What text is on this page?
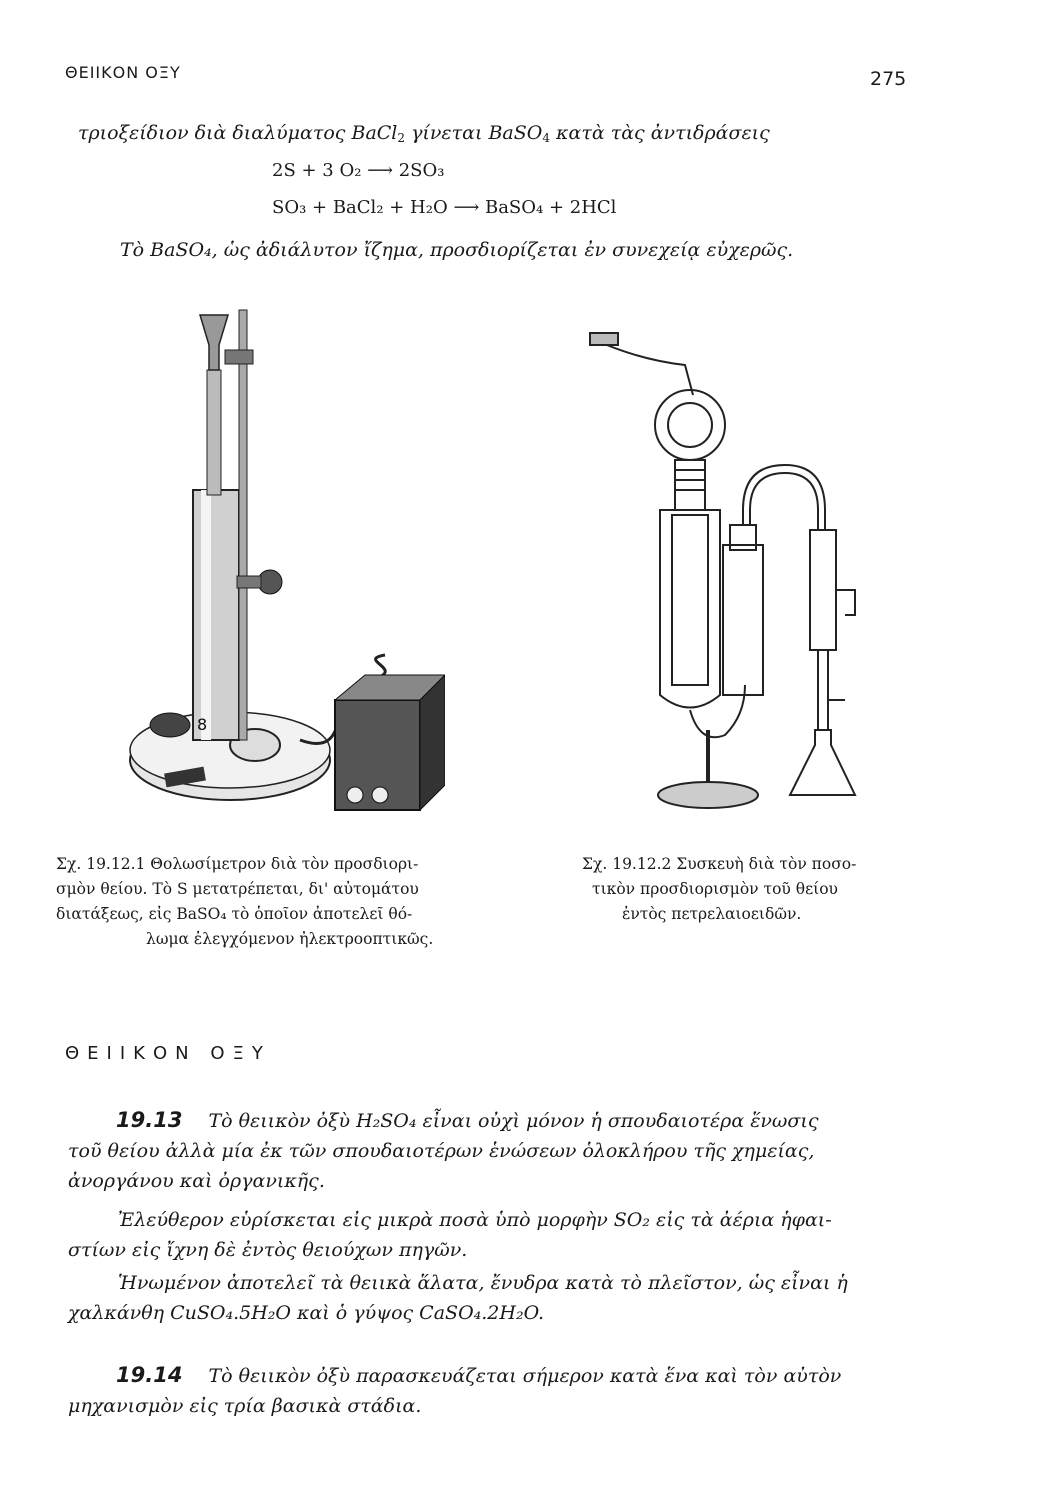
ΘΕΙΙΚΟΝ ΟΞΥ	275
τριοξείδιον διὰ διαλύματος BaCl$_2$ γίνεται BaSO$_4$ κατὰ τὰς ἀντιδράσεις
2S + 3 O₂ ⟶ 2SO₃
SO₃ + BaCl₂ + H₂O ⟶ BaSO₄ + 2HCl
Τὸ BaSO₄, ὡς ἀδιάλυτον ἴζημα, προσδιορίζεται ἐν συνεχείᾳ εὐχερῶς.
8
Σχ. 19.12.1 Θολωσίμετρον διὰ τὸν προσδιορι-
σμὸν θείου. Τὸ S μετατρέπεται, δι' αὐτομάτου
διατάξεως, εἰς BaSO₄ τὸ ὁποῖον ἀποτελεῖ θό-
λωμα ἐλεγχόμενον ἠλεκτροοπτικῶς.
Σχ. 19.12.2 Συσκευὴ διὰ τὸν ποσο-
τικὸν προσδιορισμὸν τοῦ θείου
ἐντὸς πετρελαιοειδῶν.
ΘΕΙΙΚΟΝ ΟΞΥ
19.13 Τὸ θειικὸν ὀξὺ H₂SO₄ εἶναι οὐχὶ μόνον ἡ σπουδαιοτέρα ἕνωσις
τοῦ θείου ἀλλὰ μία ἐκ τῶν σπουδαιοτέρων ἑνώσεων ὁλοκλήρου τῆς χημείας,
ἀνοργάνου καὶ ὀργανικῆς.
Ἐλεύθερον εὑρίσκεται εἰς μικρὰ ποσὰ ὑπὸ μορφὴν SO₂ εἰς τὰ ἀέρια ἡφαι-
στίων εἰς ἴχνη δὲ ἐντὸς θειούχων πηγῶν.
Ἡνωμένον ἀποτελεῖ τὰ θειικὰ ἅλατα, ἔνυδρα κατὰ τὸ πλεῖστον, ὡς εἶναι ἡ
χαλκάνθη CuSO₄.5H₂O καὶ ὁ γύψος CaSO₄.2H₂O.
19.14 Τὸ θειικὸν ὀξὺ παρασκευάζεται σήμερον κατὰ ἕνα καὶ τὸν αὐτὸν
μηχανισμὸν εἰς τρία βασικὰ στάδια.
